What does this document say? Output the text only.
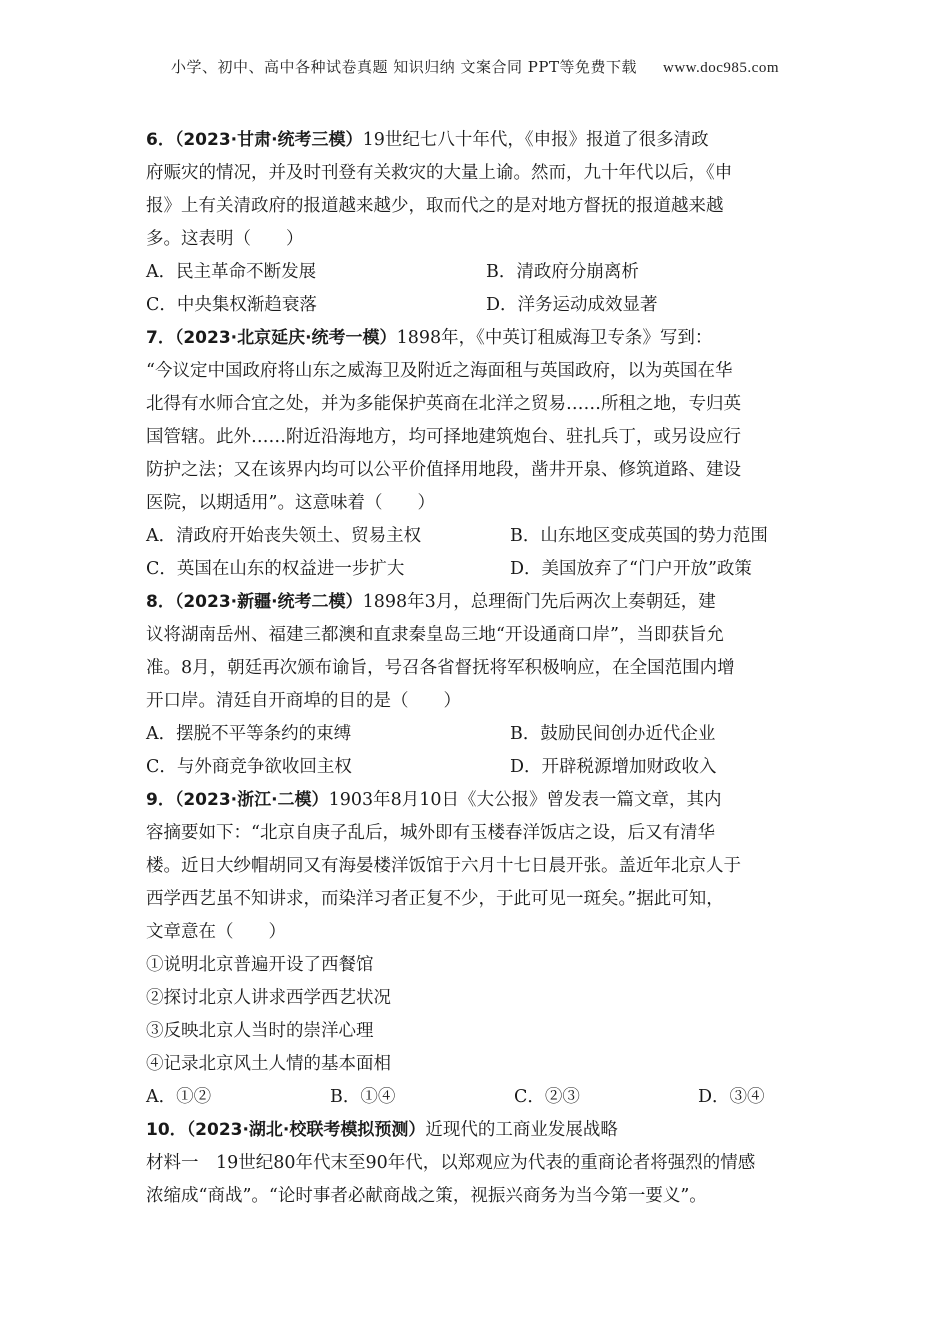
小学、初中、高中各种试卷真题 知识归纳 文案合同 PPT等免费下载 www.doc985.com
6．（2023·甘肃·统考三模）19世纪七八十年代，《申报》报道了很多清政
府赈灾的情况，并及时刊登有关救灾的大量上谕。然而，九十年代以后，《申
报》上有关清政府的报道越来越少，取而代之的是对地方督抚的报道越来越
多。这表明（　　）
A．民主革命不断发展	B．清政府分崩离析
C．中央集权渐趋衰落	D．洋务运动成效显著
7．（2023·北京延庆·统考一模）1898年，《中英订租威海卫专条》写到：
“今议定中国政府将山东之威海卫及附近之海面租与英国政府，以为英国在华
北得有水师合宜之处，并为多能保护英商在北洋之贸易……所租之地，专归英
国管辖。此外……附近沿海地方，均可择地建筑炮台、驻扎兵丁，或另设应行
防护之法；又在该界内均可以公平价值择用地段，凿井开泉、修筑道路、建设
医院，以期适用”。这意味着（　　）
A．清政府开始丧失领土、贸易主权	B．山东地区变成英国的势力范围
C．英国在山东的权益进一步扩大	D．美国放弃了“门户开放”政策
8．（2023·新疆·统考二模）1898年3月，总理衙门先后两次上奏朝廷，建
议将湖南岳州、福建三都澳和直隶秦皇岛三地“开设通商口岸”，当即获旨允
准。8月，朝廷再次颁布谕旨，号召各省督抚将军积极响应，在全国范围内增
开口岸。清廷自开商埠的目的是（　　）
A．摆脱不平等条约的束缚	B．鼓励民间创办近代企业
C．与外商竞争欲收回主权	D．开辟税源增加财政收入
9．（2023·浙江·二模）1903年8月10日《大公报》曾发表一篇文章，其内
容摘要如下：“北京自庚子乱后，城外即有玉楼春洋饭店之设，后又有清华
楼。近日大纱帽胡同又有海晏楼洋饭馆于六月十七日晨开张。盖近年北京人于
西学西艺虽不知讲求，而染洋习者正复不少，于此可见一斑矣。”据此可知，
文章意在（　　）
①说明北京普遍开设了西餐馆
②探讨北京人讲求西学西艺状况
③反映北京人当时的崇洋心理
④记录北京风土人情的基本面相
A．①②	B．①④	C．②③	D．③④
10．（2023·湖北·校联考模拟预测）近现代的工商业发展战略
材料一　19世纪80年代末至90年代，以郑观应为代表的重商论者将强烈的情感
浓缩成“商战”。“论时事者必献商战之策，视振兴商务为当今第一要义”。
